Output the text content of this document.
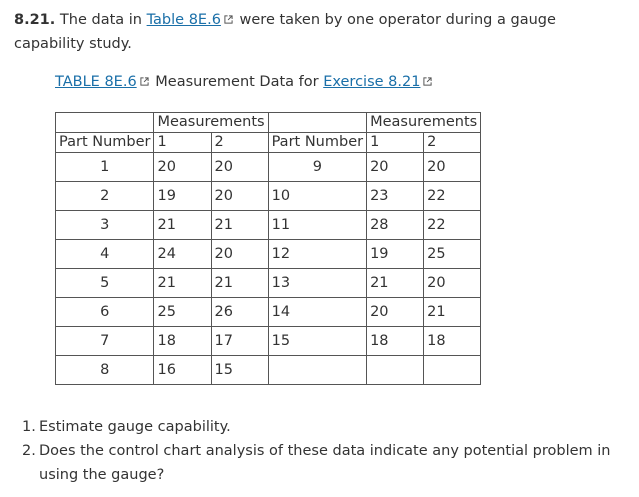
8.21. The data in Table 8E.6 were taken by one operator during a gauge capability study.
TABLE 8E.6 Measurement Data for Exercise 8.21
	Measurements			Measurements	
Part Number	1	2	Part Number	1	2
1	20	20	9	20	20
2	19	20	10	23	22
3	21	21	11	28	22
4	24	20	12	19	25
5	21	21	13	21	20
6	25	26	14	20	21
7	18	17	15	18	18
8	16	15			
1. Estimate gauge capability.
2. Does the control chart analysis of these data indicate any potential problem in using the gauge?
